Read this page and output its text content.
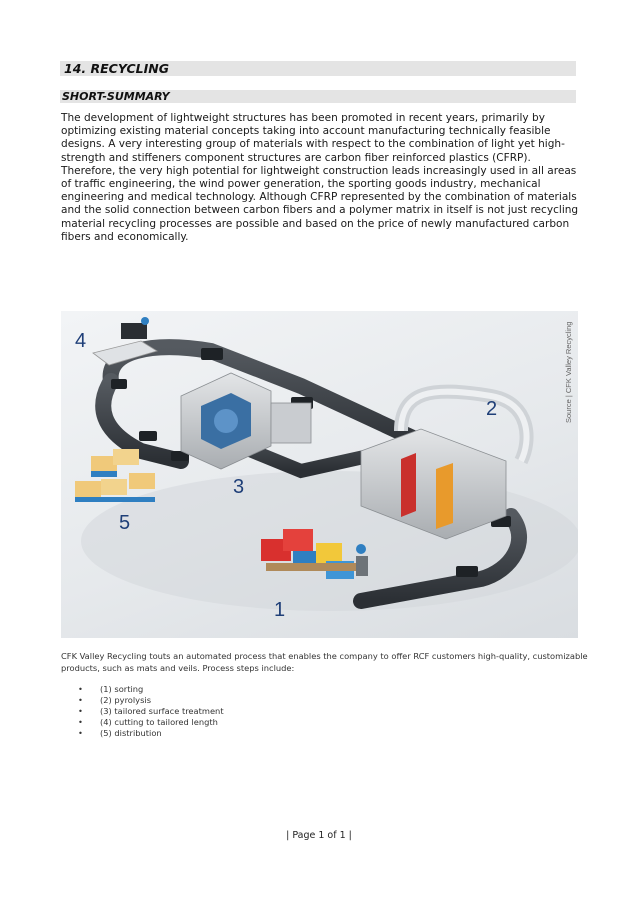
14. RECYCLING
SHORT-SUMMARY

The development of lightweight structures has been promoted in recent years, primarily by optimizing existing material concepts taking into account manufacturing technically feasible designs. A very interesting group of materials with respect to the combination of light yet high-strength and stiffeners component structures are carbon fiber reinforced plastics (CFRP). Therefore, the very high potential for lightweight construction leads increasingly used in all areas of traffic engineering, the wind power generation, the sporting goods industry, mechanical engineering and medical technology. Although CFRP represented by the combination of materials and the solid connection between carbon fibers and a polymer matrix in itself is not just recycling material recycling processes are possible and based on the price of newly manufactured carbon fibers and economically.

1
2
3
4
5
Source | CFK Valley Recycling

CFK Valley Recycling touts an automated process that enables the company to offer RCF customers high-quality, customizable products, such as mats and veils. Process steps include:

• (1) sorting
• (2) pyrolysis
• (3) tailored surface treatment
• (4) cutting to tailored length
• (5) distribution
| Page 1 of 1 |
